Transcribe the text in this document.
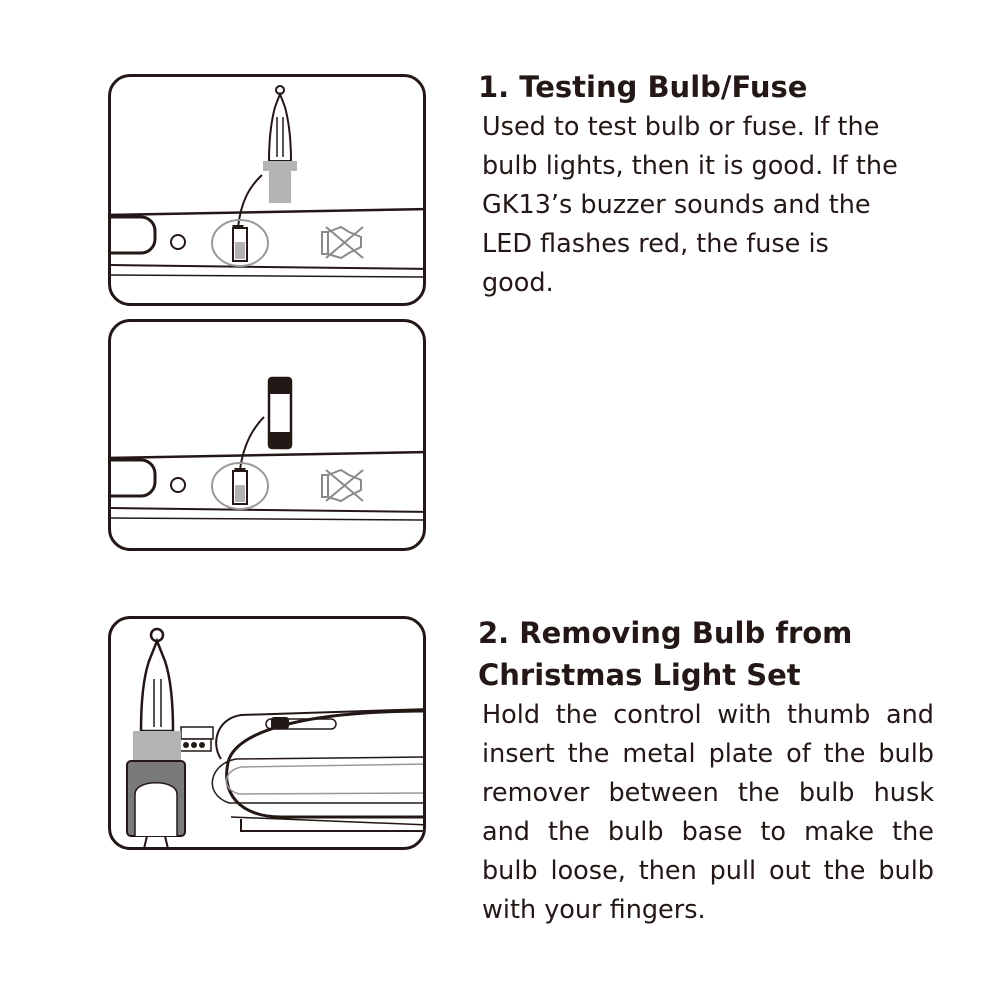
1. Testing Bulb/Fuse

Used to test bulb or fuse. If the bulb lights, then it is good. If the GK13’s buzzer sounds and the LED flashes red, the fuse is good.

2. Removing Bulb from
Christmas Light Set

Hold the control with thumb and insert the metal plate of the bulb remover between the bulb husk and the bulb base to make the bulb loose, then pull out the bulb with your fingers.
